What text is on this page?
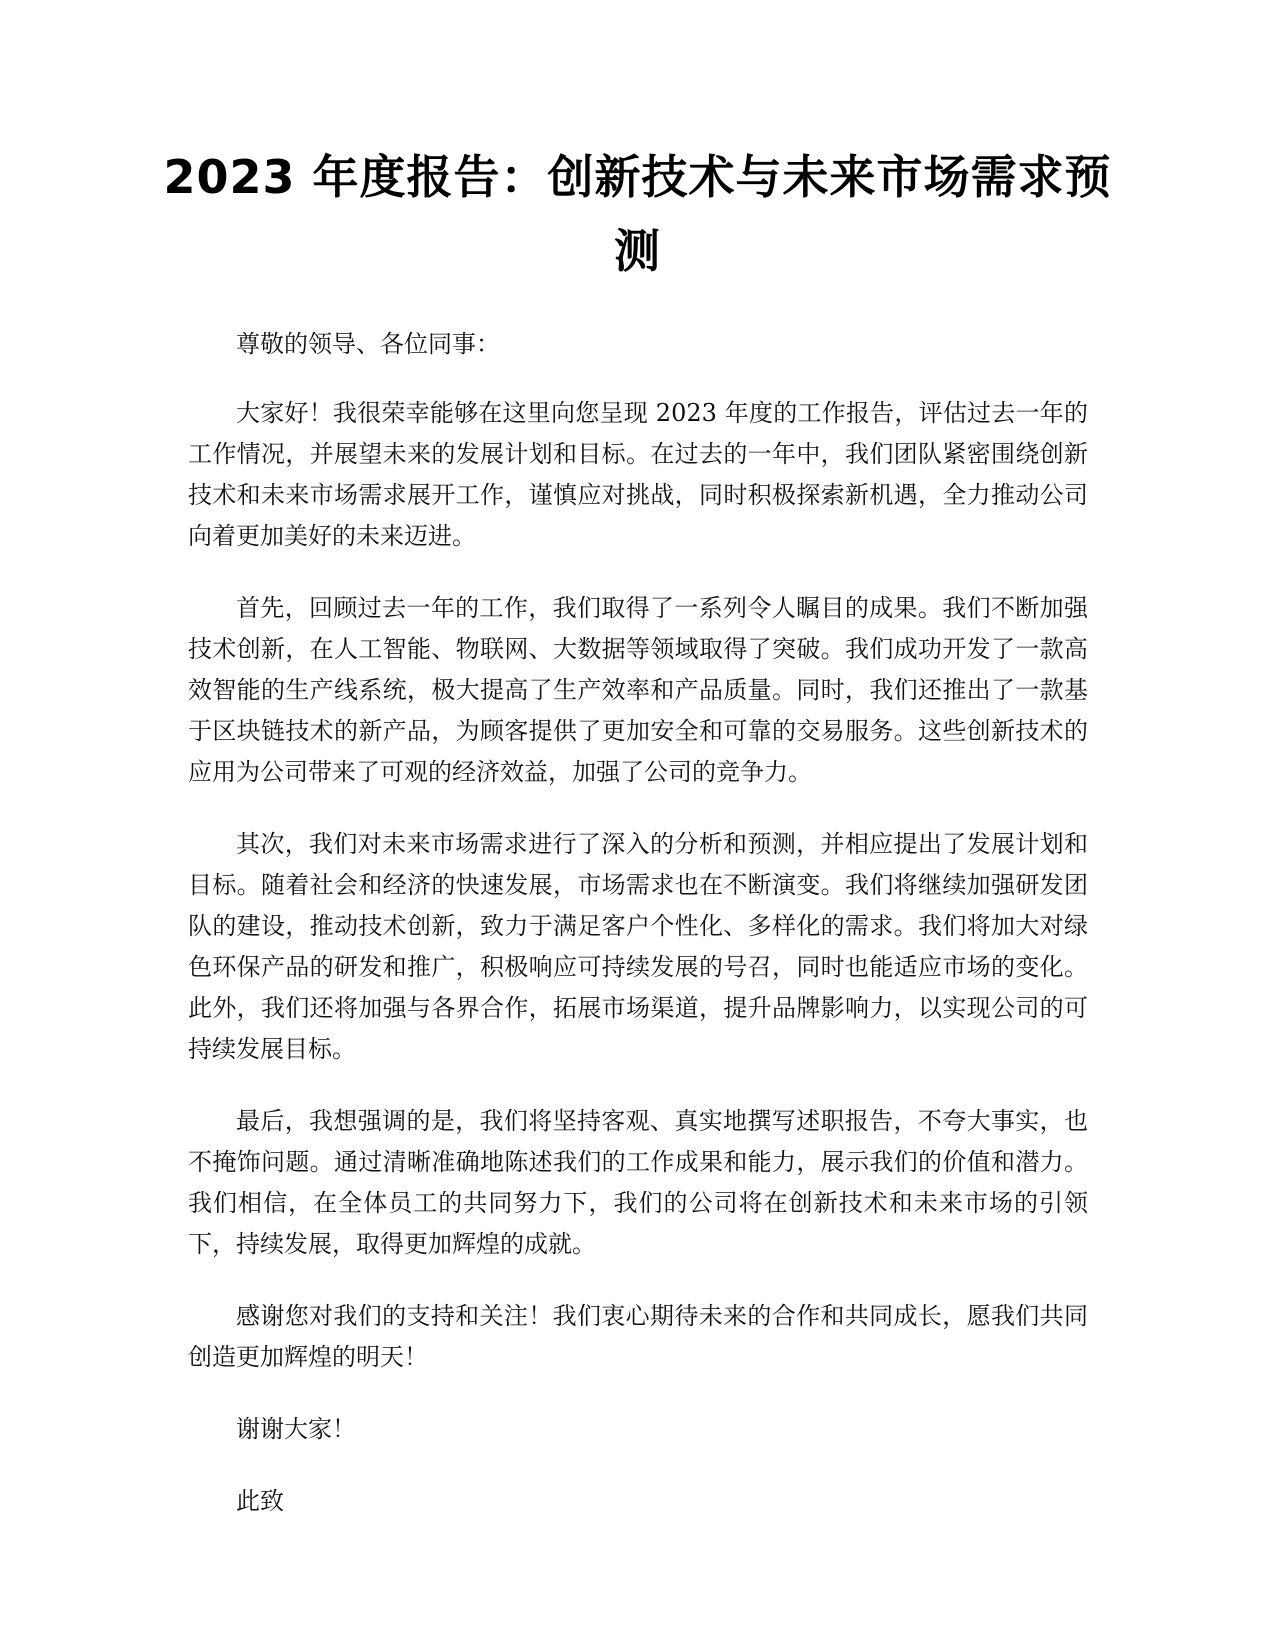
2023 年度报告：创新技术与未来市场需求预测

尊敬的领导、各位同事：

大家好！我很荣幸能够在这里向您呈现 2023 年度的工作报告，评估过去一年的工作情况，并展望未来的发展计划和目标。在过去的一年中，我们团队紧密围绕创新技术和未来市场需求展开工作，谨慎应对挑战，同时积极探索新机遇，全力推动公司向着更加美好的未来迈进。

首先，回顾过去一年的工作，我们取得了一系列令人瞩目的成果。我们不断加强技术创新，在人工智能、物联网、大数据等领域取得了突破。我们成功开发了一款高效智能的生产线系统，极大提高了生产效率和产品质量。同时，我们还推出了一款基于区块链技术的新产品，为顾客提供了更加安全和可靠的交易服务。这些创新技术的应用为公司带来了可观的经济效益，加强了公司的竞争力。

其次，我们对未来市场需求进行了深入的分析和预测，并相应提出了发展计划和目标。随着社会和经济的快速发展，市场需求也在不断演变。我们将继续加强研发团队的建设，推动技术创新，致力于满足客户个性化、多样化的需求。我们将加大对绿色环保产品的研发和推广，积极响应可持续发展的号召，同时也能适应市场的变化。此外，我们还将加强与各界合作，拓展市场渠道，提升品牌影响力，以实现公司的可持续发展目标。

最后，我想强调的是，我们将坚持客观、真实地撰写述职报告，不夸大事实，也不掩饰问题。通过清晰准确地陈述我们的工作成果和能力，展示我们的价值和潜力。我们相信，在全体员工的共同努力下，我们的公司将在创新技术和未来市场的引领下，持续发展，取得更加辉煌的成就。

感谢您对我们的支持和关注！我们衷心期待未来的合作和共同成长，愿我们共同创造更加辉煌的明天！

谢谢大家！

此致
